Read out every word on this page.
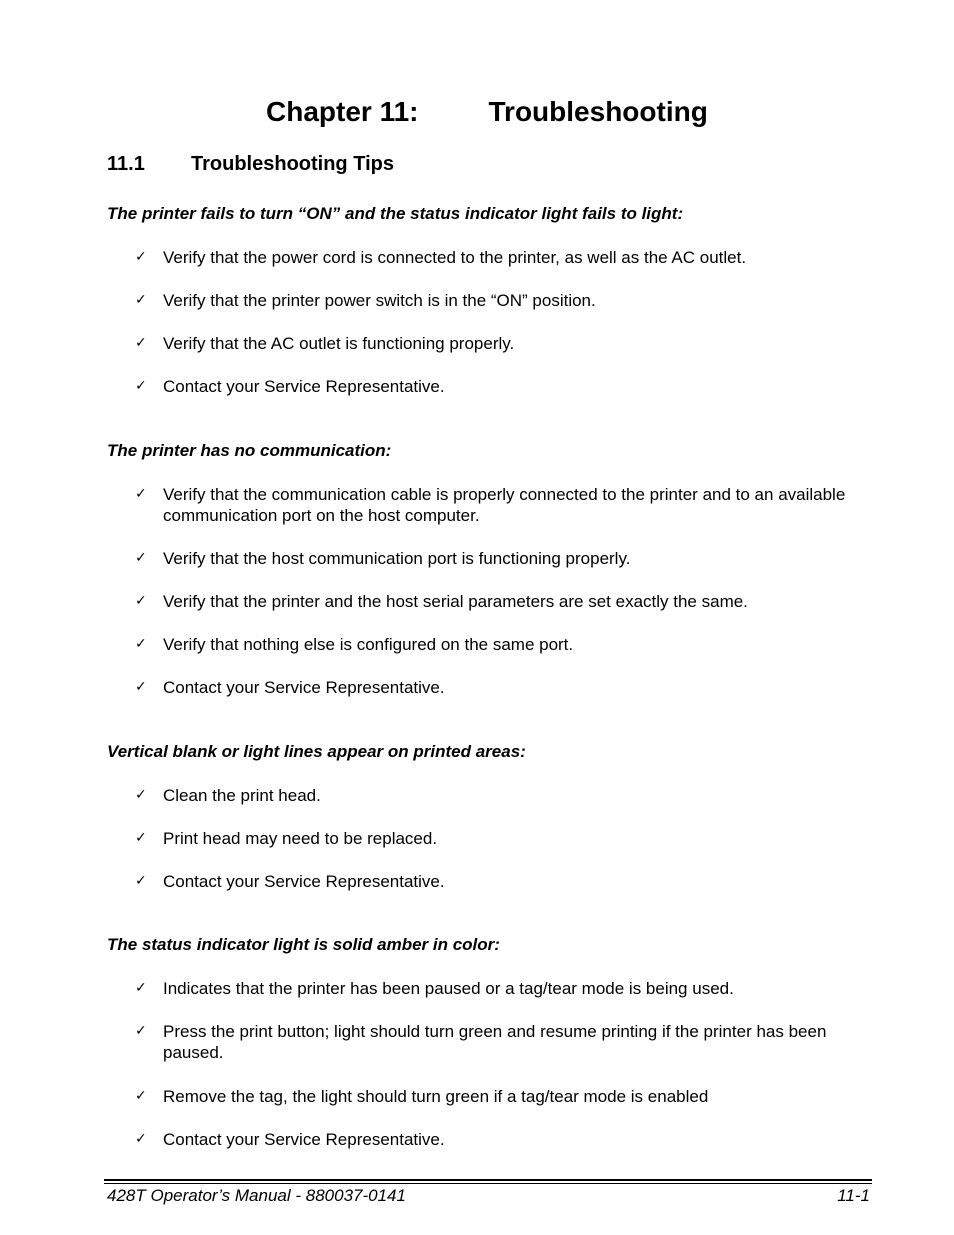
Chapter 11:	Troubleshooting
11.1 Troubleshooting Tips
The printer fails to turn “ON” and the status indicator light fails to light:
✓ Verify that the power cord is connected to the printer, as well as the AC outlet.
✓ Verify that the printer power switch is in the “ON” position.
✓ Verify that the AC outlet is functioning properly.
✓ Contact your Service Representative.
The printer has no communication:
✓ Verify that the communication cable is properly connected to the printer and to an available communication port on the host computer.
✓ Verify that the host communication port is functioning properly.
✓ Verify that the printer and the host serial parameters are set exactly the same.
✓ Verify that nothing else is configured on the same port.
✓ Contact your Service Representative.
Vertical blank or light lines appear on printed areas:
✓ Clean the print head.
✓ Print head may need to be replaced.
✓ Contact your Service Representative.
The status indicator light is solid amber in color:
✓ Indicates that the printer has been paused or a tag/tear mode is being used.
✓ Press the print button; light should turn green and resume printing if the printer has been paused.
✓ Remove the tag, the light should turn green if a tag/tear mode is enabled
✓ Contact your Service Representative.
428T Operator’s Manual - 880037-0141	11-1
